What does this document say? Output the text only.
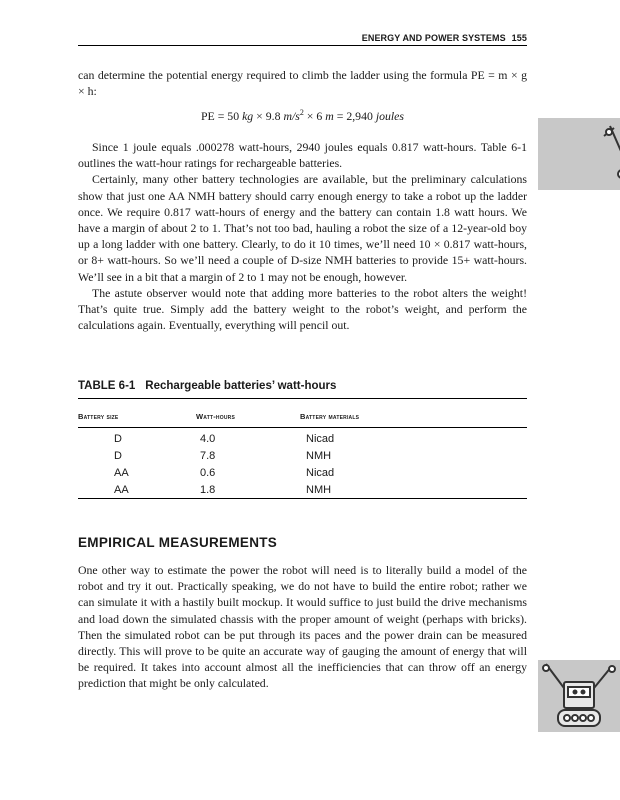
ENERGY AND POWER SYSTEMS 155

can determine the potential energy required to climb the ladder using the formula PE = m × g × h:

PE = 50 kg × 9.8 $m/s^2 \times 6$ m = 2,940 joules

Since 1 joule equals .000278 watt-hours, 2940 joules equals 0.817 watt-hours. Table 6-1 outlines the watt-hour ratings for rechargeable batteries.

Certainly, many other battery technologies are available, but the preliminary calculations show that just one AA NMH battery should carry enough energy to take a robot up the ladder once. We require 0.817 watt-hours of energy and the battery can contain 1.8 watt hours. We have a margin of about 2 to 1. That’s not too bad, hauling a robot the size of a 12-year-old boy up a long ladder with one battery. Clearly, to do it 10 times, we’ll need 10 × 0.817 watt-hours, or 8+ watt-hours. So we’ll need a couple of D-size NMH batteries to provide 15+ watt-hours. We’ll see in a bit that a margin of 2 to 1 may not be enough, however.

The astute observer would note that adding more batteries to the robot alters the weight! That’s quite true. Simply add the battery weight to the robot’s weight, and perform the calculations again. Eventually, everything will pencil out.

TABLE 6-1 Rechargeable batteries’ watt-hours
Battery size	Watt-hours	Battery materials
D	4.0	Nicad
D	7.8	NMH
AA	0.6	Nicad
AA	1.8	NMH
EMPIRICAL MEASUREMENTS

One other way to estimate the power the robot will need is to literally build a model of the robot and try it out. Practically speaking, we do not have to build the entire robot; rather we can simulate it with a hastily built mockup. It would suffice to just build the drive mechanisms and load down the simulated chassis with the proper amount of weight (perhaps with bricks). Then the simulated robot can be put through its paces and the power drain can be measured directly. This will prove to be quite an accurate way of gauging the amount of energy that will be required. It takes into account almost all the inefficiencies that can throw off an energy prediction that might be only calculated.
